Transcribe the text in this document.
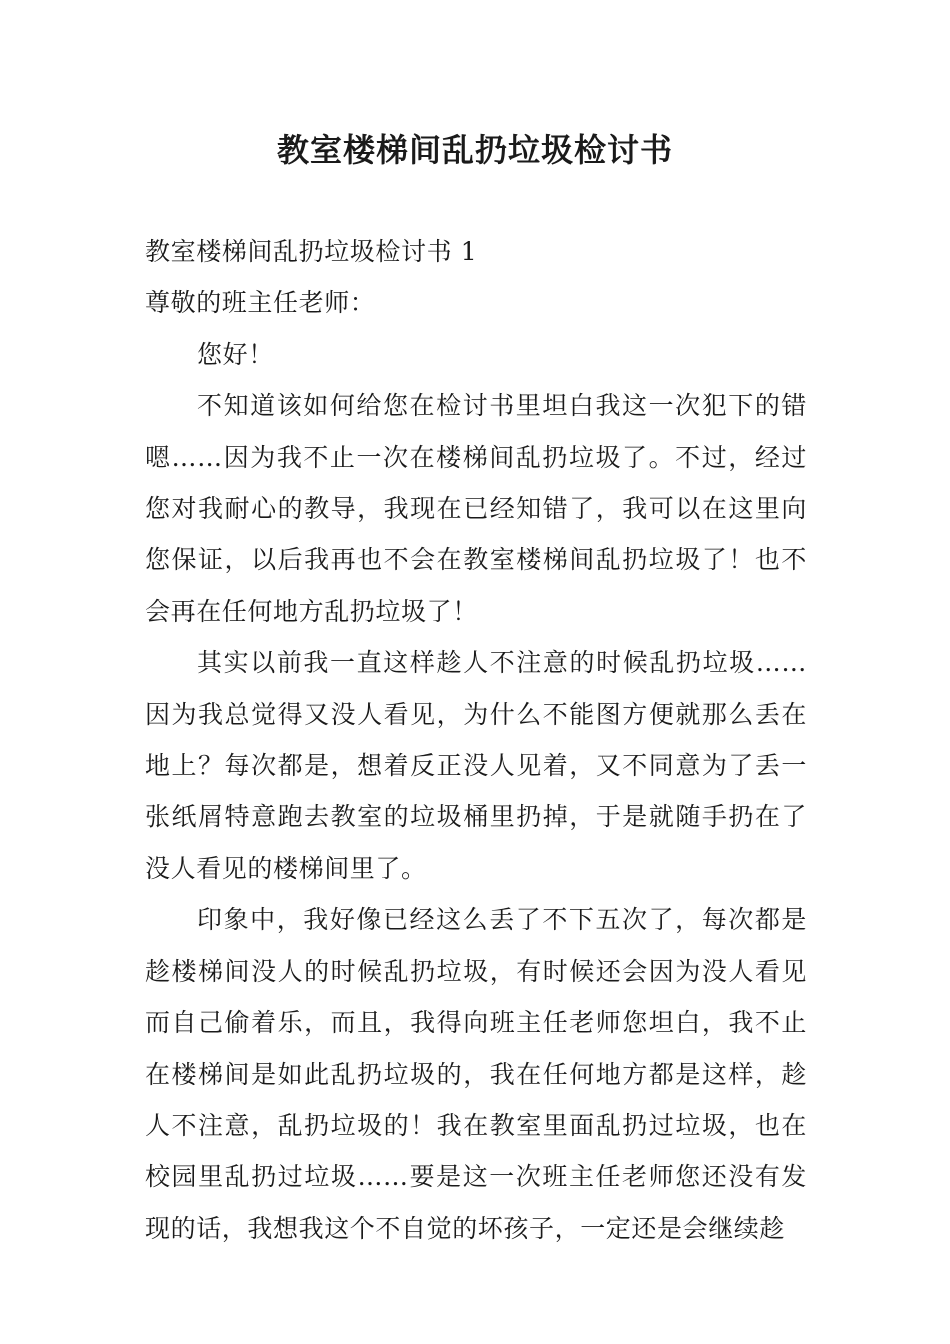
教室楼梯间乱扔垃圾检讨书

教室楼梯间乱扔垃圾检讨书 1

尊敬的班主任老师：

您好！

不知道该如何给您在检讨书里坦白我这一次犯下的错嗯……因为我不止一次在楼梯间乱扔垃圾了。不过，经过您对我耐心的教导，我现在已经知错了，我可以在这里向您保证，以后我再也不会在教室楼梯间乱扔垃圾了！也不会再在任何地方乱扔垃圾了！

其实以前我一直这样趁人不注意的时候乱扔垃圾……因为我总觉得又没人看见，为什么不能图方便就那么丢在地上？每次都是，想着反正没人见着，又不同意为了丢一张纸屑特意跑去教室的垃圾桶里扔掉，于是就随手扔在了没人看见的楼梯间里了。

印象中，我好像已经这么丢了不下五次了，每次都是趁楼梯间没人的时候乱扔垃圾，有时候还会因为没人看见而自己偷着乐，而且，我得向班主任老师您坦白，我不止在楼梯间是如此乱扔垃圾的，我在任何地方都是这样，趁人不注意，乱扔垃圾的！我在教室里面乱扔过垃圾，也在校园里乱扔过垃圾……要是这一次班主任老师您还没有发现的话，我想我这个不自觉的坏孩子，一定还是会继续趁
